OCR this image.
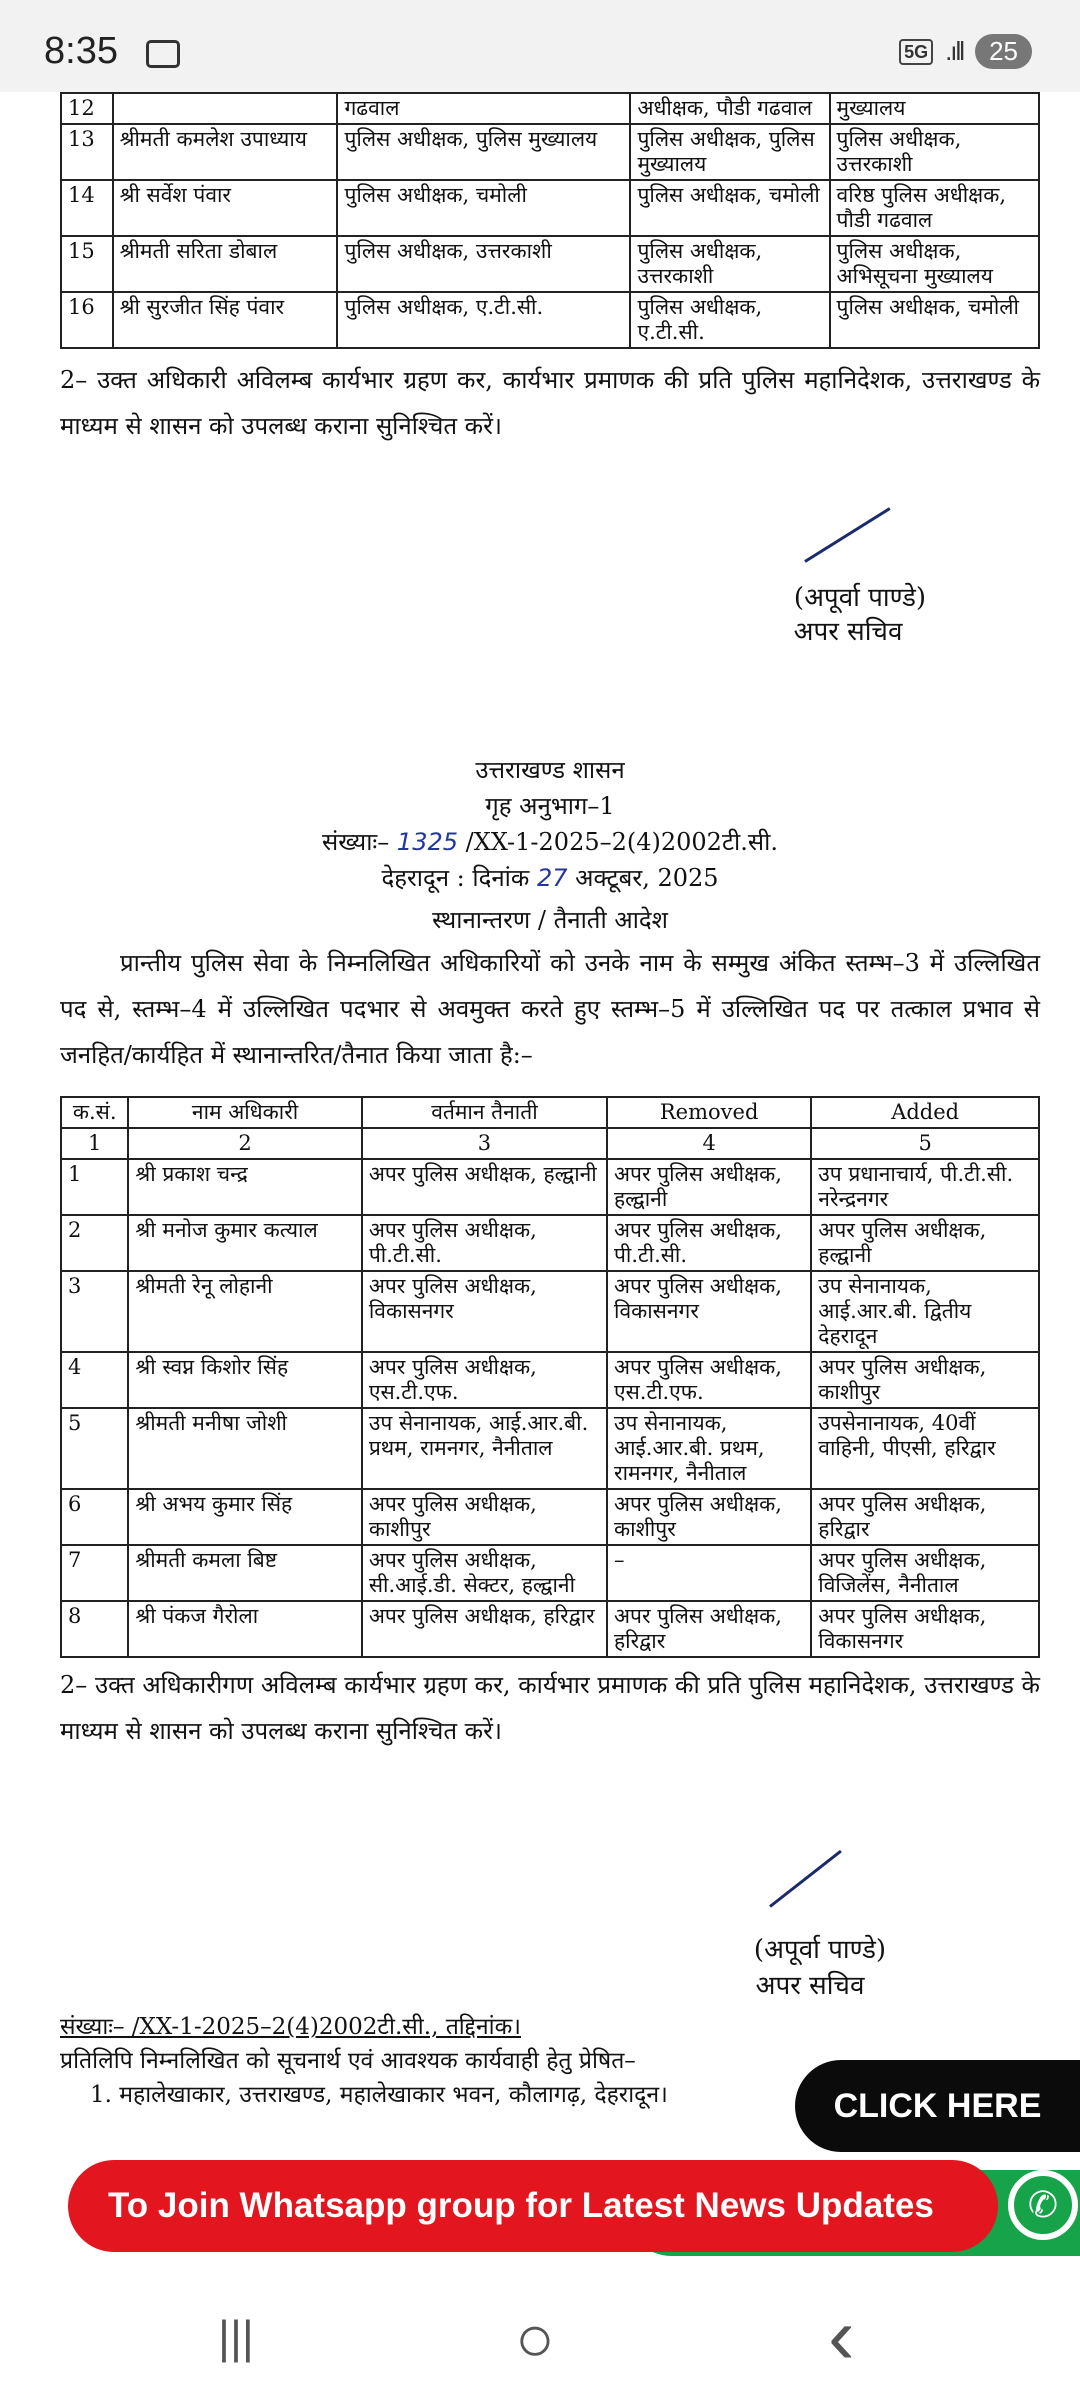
8:35	5G .ıll	25
12		गढवाल	अधीक्षक, पौडी गढवाल	मुख्यालय
13	श्रीमती कमलेश उपाध्याय	पुलिस अधीक्षक, पुलिस मुख्यालय	पुलिस अधीक्षक, पुलिस मुख्यालय	पुलिस अधीक्षक, उत्तरकाशी
14	श्री सर्वेश पंवार	पुलिस अधीक्षक, चमोली	पुलिस अधीक्षक, चमोली	वरिष्ठ पुलिस अधीक्षक, पौडी गढवाल
15	श्रीमती सरिता डोबाल	पुलिस अधीक्षक, उत्तरकाशी	पुलिस अधीक्षक, उत्तरकाशी	पुलिस अधीक्षक, अभिसूचना मुख्यालय
16	श्री सुरजीत सिंह पंवार	पुलिस अधीक्षक, ए.टी.सी.	पुलिस अधीक्षक, ए.टी.सी.	पुलिस अधीक्षक, चमोली
2– उक्त अधिकारी अविलम्ब कार्यभार ग्रहण कर, कार्यभार प्रमाणक की प्रति पुलिस महानिदेशक, उत्तराखण्ड के माध्यम से शासन को उपलब्ध कराना सुनिश्चित करें।
(अपूर्वा पाण्डे)
अपर सचिव
उत्तराखण्ड शासन
गृह अनुभाग–1
संख्याः– 1325 /XX-1-2025–2(4)2002टी.सी.
देहरादून : दिनांक 27 अक्टूबर, 2025
स्थानान्तरण / तैनाती आदेश
प्रान्तीय पुलिस सेवा के निम्नलिखित अधिकारियों को उनके नाम के सम्मुख अंकित स्तम्भ–3 में उल्लिखित पद से, स्तम्भ–4 में उल्लिखित पदभार से अवमुक्त करते हुए स्तम्भ–5 में उल्लिखित पद पर तत्काल प्रभाव से जनहित/कार्यहित में स्थानान्तरित/तैनात किया जाता है:–
क.सं.	नाम अधिकारी	वर्तमान तैनाती	Removed	Added
1	2	3	4	5
1	श्री प्रकाश चन्द्र	अपर पुलिस अधीक्षक, हल्द्वानी	अपर पुलिस अधीक्षक, हल्द्वानी	उप प्रधानाचार्य, पी.टी.सी. नरेन्द्रनगर
2	श्री मनोज कुमार कत्याल	अपर पुलिस अधीक्षक, पी.टी.सी.	अपर पुलिस अधीक्षक, पी.टी.सी.	अपर पुलिस अधीक्षक, हल्द्वानी
3	श्रीमती रेनू लोहानी	अपर पुलिस अधीक्षक, विकासनगर	अपर पुलिस अधीक्षक, विकासनगर	उप सेनानायक, आई.आर.बी. द्वितीय देहरादून
4	श्री स्वप्न किशोर सिंह	अपर पुलिस अधीक्षक, एस.टी.एफ.	अपर पुलिस अधीक्षक, एस.टी.एफ.	अपर पुलिस अधीक्षक, काशीपुर
5	श्रीमती मनीषा जोशी	उप सेनानायक, आई.आर.बी. प्रथम, रामनगर, नैनीताल	उप सेनानायक, आई.आर.बी. प्रथम, रामनगर, नैनीताल	उपसेनानायक, 40वीं वाहिनी, पीएसी, हरिद्वार
6	श्री अभय कुमार सिंह	अपर पुलिस अधीक्षक, काशीपुर	अपर पुलिस अधीक्षक, काशीपुर	अपर पुलिस अधीक्षक, हरिद्वार
7	श्रीमती कमला बिष्ट	अपर पुलिस अधीक्षक, सी.आई.डी. सेक्टर, हल्द्वानी	–	अपर पुलिस अधीक्षक, विजिलेंस, नैनीताल
8	श्री पंकज गैरोला	अपर पुलिस अधीक्षक, हरिद्वार	अपर पुलिस अधीक्षक, हरिद्वार	अपर पुलिस अधीक्षक, विकासनगर
2– उक्त अधिकारीगण अविलम्ब कार्यभार ग्रहण कर, कार्यभार प्रमाणक की प्रति पुलिस महानिदेशक, उत्तराखण्ड के माध्यम से शासन को उपलब्ध कराना सुनिश्चित करें।
(अपूर्वा पाण्डे)
अपर सचिव
संख्याः– /XX-1-2025–2(4)2002टी.सी., तद्दिनांक।
प्रतिलिपि निम्नलिखित को सूचनार्थ एवं आवश्यक कार्यवाही हेतु प्रेषित–
1. महालेखाकार, उत्तराखण्ड, महालेखाकार भवन, कौलागढ़, देहरादून।	CLICK HERE
To Join Whatsapp group for Latest News Updates	✆
|||	○	‹
